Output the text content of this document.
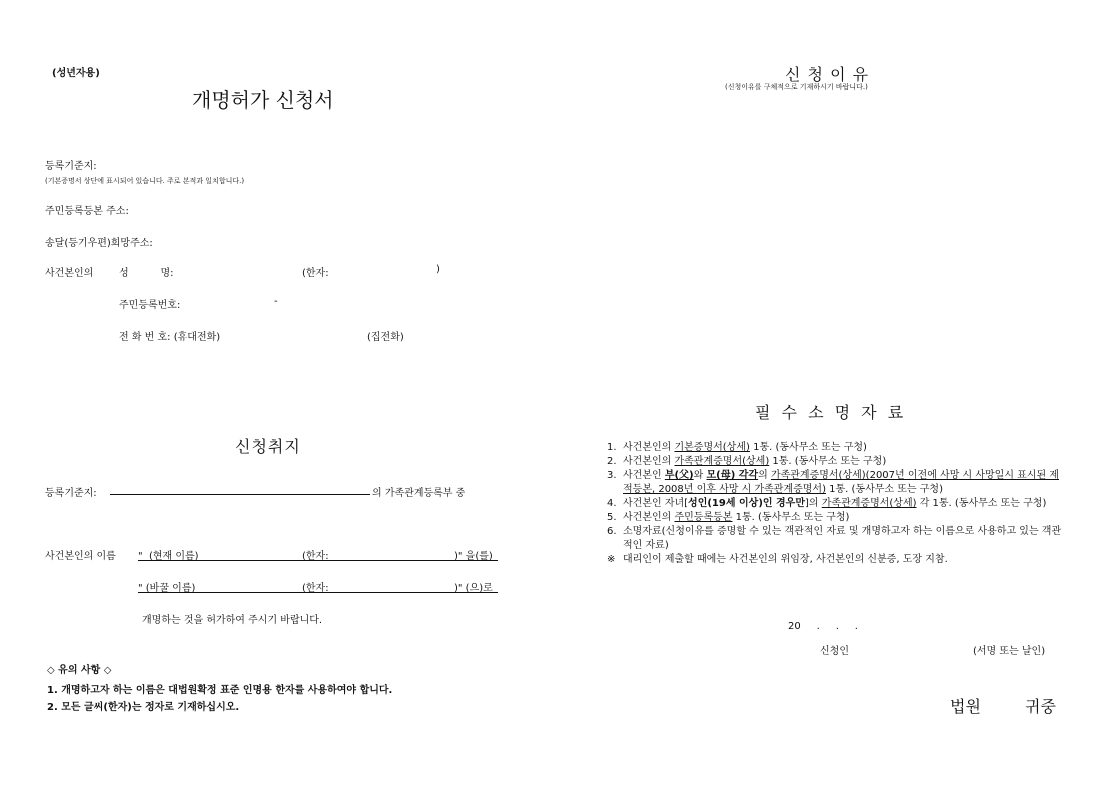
(성년자용)
개명허가 신청서
등록기준지:
(기본증명서 상단에 표시되어 있습니다. 주로 본적과 일치합니다.)
주민등록등본 주소:
송달(등기우편)희망주소:
사건본인의	성          명:	(한자:	)
주민등록번호:	-
전 화 번 호: (휴대전화)	(집전화)
신청취지
등록기준지:	의 가족관계등록부 중
사건본인의 이름 "  (현재 이름)	(한자:	)" 을(를)
" (바꿀 이름)	(한자:	)" (으)로
개명하는 것을 허가하여 주시기 바랍니다.
◇ 유의 사항 ◇
1. 개명하고자 하는 이름은 대법원확정 표준 인명용 한자를 사용하여야 합니다.
2. 모든 글씨(한자)는 정자로 기재하십시오.
신 청 이 유
(신청이유를 구체적으로 기재하시기 바랍니다.)
필 수 소 명 자 료
1. 사건본인의 기본증명서(상세) 1통. (동사무소 또는 구청)
2. 사건본인의 가족관계증명서(상세) 1통. (동사무소 또는 구청)
3. 사건본인 부(父)와 모(母) 각각의 가족관계증명서(상세)(2007년 이전에 사망 시 사망일시 표시된 제적등본, 2008년 이후 사망 시 가족관계증명서) 1통. (동사무소 또는 구청)
4. 사건본인 자녀[성인(19세 이상)인 경우만]의 가족관계증명서(상세) 각 1통. (동사무소 또는 구청)
5. 사건본인의 주민등록등본 1통. (동사무소 또는 구청)
6. 소명자료(신청이유를 증명할 수 있는 객관적인 자료 및 개명하고자 하는 이름으로 사용하고 있는 객관적인 자료)
※ 대리인이 제출할 때에는 사건본인의 위임장, 사건본인의 신분증, 도장 지참.
20     .     .     .
신청인	(서명 또는 날인)
법원	귀중
